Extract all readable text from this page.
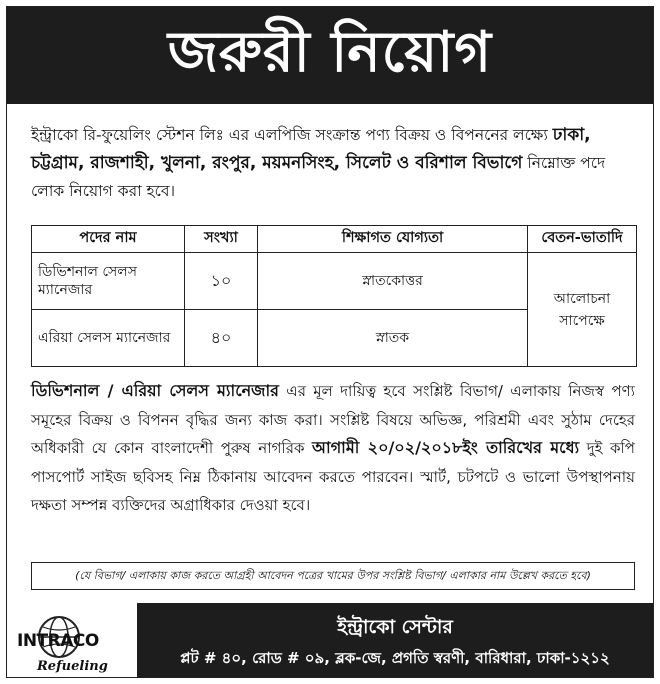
জরুরী নিয়োগ
ইন্ট্রাকো রি-ফুয়েলিং স্টেশন লিঃ এর এলপিজি সংক্রান্ত পণ্য বিক্রয় ও বিপননের লক্ষ্যে ঢাকা, চট্টগ্রাম, রাজশাহী, খুলনা, রংপুর, ময়মনসিংহ, সিলেট ও বরিশাল বিভাগে নিম্নোক্ত পদে লোক নিয়োগ করা হবে।
পদের নাম	সংখ্যা	শিক্ষাগত যোগ্যতা	বেতন-ভাতাদি
ডিভিশনাল সেলস ম্যানেজার	১০	স্নাতকোত্তর	আলোচনা সাপেক্ষে
এরিয়া সেলস ম্যানেজার	৪০	স্নাতক	
ডিভিশনাল / এরিয়া সেলস ম্যানেজার এর মূল দায়িত্ব হবে সংশ্লিষ্ট বিভাগ/ এলাকায় নিজস্ব পণ্য সমূহের বিক্রয় ও বিপনন বৃদ্ধির জন্য কাজ করা। সংশ্লিষ্ট বিষয়ে অভিজ্ঞ, পরিশ্রমী এবং সুঠাম দেহের অধিকারী যে কোন বাংলাদেশী পুরুষ নাগরিক আগামী ২০/০২/২০১৮ইং তারিখের মধ্যে দুই কপি পাসপোর্ট সাইজ ছবিসহ নিম্ন ঠিকানায় আবেদন করতে পারবেন। স্মার্ট, চটপটে ও ভালো উপস্থাপনায় দক্ষতা সম্পন্ন ব্যক্তিদের অগ্রাধিকার দেওয়া হবে।
(যে বিভাগ/ এলাকায় কাজ করতে আগ্রহী আবেদন পত্রের খামের উপর সংশ্লিষ্ট বিভাগ/ এলাকার নাম উল্লেখ করতে হবে)
INTRACO
Refueling
ইন্ট্রাকো সেন্টার
প্লট # ৪০, রোড # ০৯, ব্লক-জে, প্রগতি স্বরণী, বারিধারা, ঢাকা-১২১২
